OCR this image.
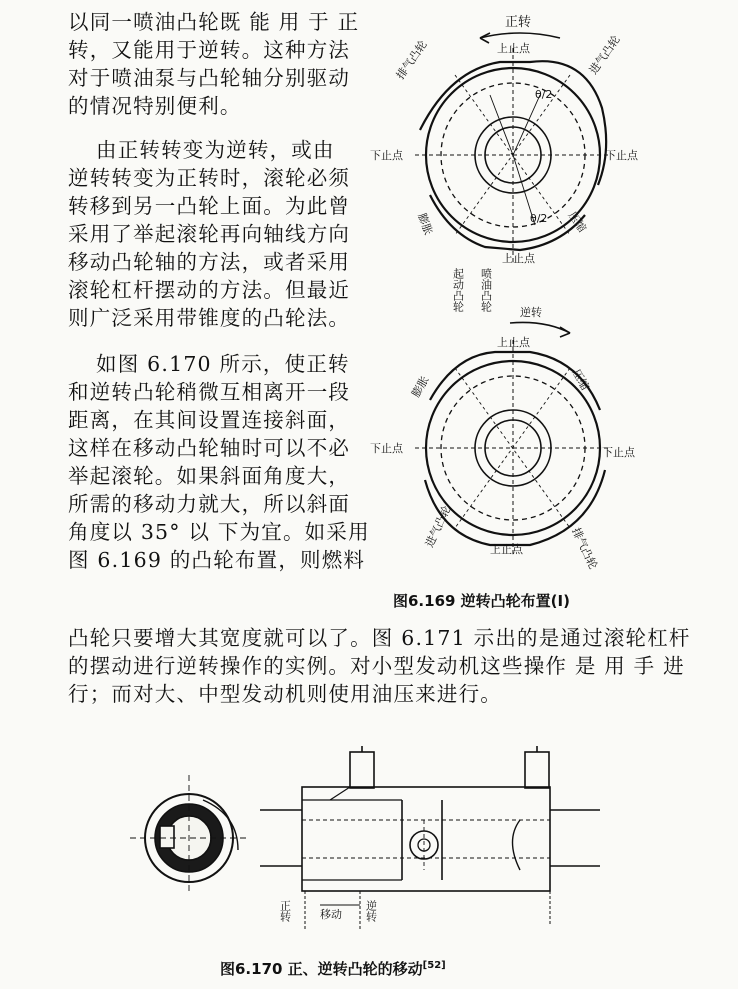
以同一喷油凸轮既 能 用 于 正
转，又能用于逆转。这种方法
对于喷油泵与凸轮轴分别驱动
的情况特别便利。
由正转转变为逆转，或由
逆转转变为正转时，滚轮必须
转移到另一凸轮上面。为此曾
采用了举起滚轮再向轴线方向
移动凸轮轴的方法，或者采用
滚轮杠杆摆动的方法。但最近
则广泛采用带锥度的凸轮法。
如图 6.170 所示，使正转
和逆转凸轮稍微互相离开一段
距离，在其间设置连接斜面，
这样在移动凸轮轴时可以不必
举起滚轮。如果斜面角度大，
所需的移动力就大，所以斜面
角度以 35° 以 下为宜。如采用
图 6.169 的凸轮布置，则燃料
凸轮只要增大其宽度就可以了。图 6.171 示出的是通过滚轮杠杆
的摆动进行逆转操作的实例。对小型发动机这些操作 是 用 手 进
行；而对大、中型发动机则使用油压来进行。
正转
上止点
下止点	下止点
排气凸轮	进气凸轮
膨胀	压缩
上止点
θ/2
θ/2
起动凸轮 喷油凸轮
逆转
上止点
下止点	下止点
膨胀	压缩
上止点
进气凸轮	排气凸轮
正转	移动 逆转
图6.169 逆转凸轮布置(Ⅰ)
图6.170 正、逆转凸轮的移动[52]
